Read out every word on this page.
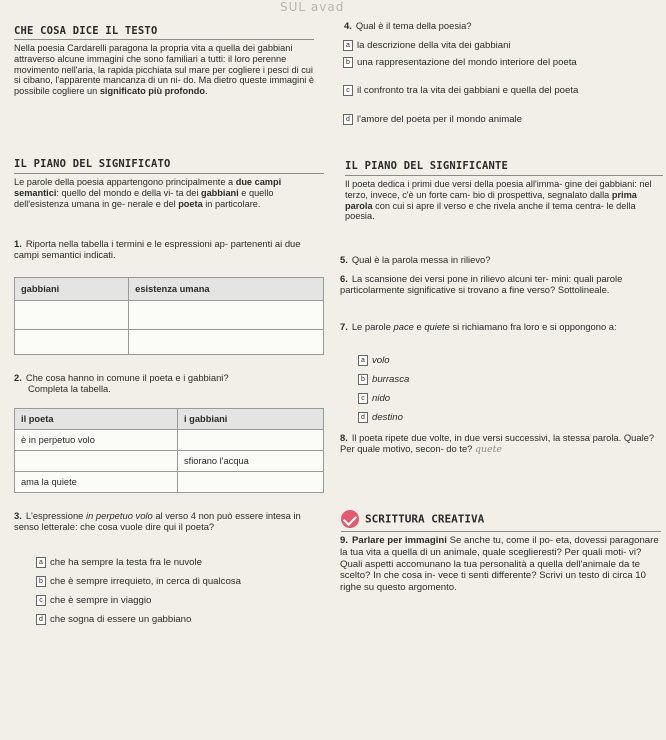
SUL avad
CHE COSA DICE IL TESTO
Nella poesia Cardarelli paragona la propria vita a quella dei gabbiani attraverso alcune immagini che sono familiari a tutti: il loro perenne movimento nell'aria, la rapida picchiata sul mare per cogliere i pesci di cui si cibano, l'apparente mancanza di un ni- do. Ma dietro queste immagini è possibile cogliere un significato più profondo.
IL PIANO DEL SIGNIFICATO
Le parole della poesia appartengono principalmente a due campi semantici: quello del mondo e della vi- ta dei gabbiani e quello dell'esistenza umana in ge- nerale e del poeta in particolare.
1. Riporta nella tabella i termini e le espressioni ap- partenenti ai due campi semantici indicati.
gabbiani	esistenza umana

2. Che cosa hanno in comune il poeta e i gabbiani?
Completa la tabella.
il poeta	i gabbiani
è in perpetuo volo	
	sfiorano l'acqua
ama la quiete	
3. L'espressione in perpetuo volo al verso 4 non può essere intesa in senso letterale: che cosa vuole dire qui il poeta?
a che ha sempre la testa fra le nuvole
b che è sempre irrequieto, in cerca di qualcosa
c che è sempre in viaggio
d che sogna di essere un gabbiano
4. Qual è il tema della poesia?
a la descrizione della vita dei gabbiani
b una rappresentazione del mondo interiore del poeta
c il confronto tra la vita dei gabbiani e quella del poeta
d l'amore del poeta per il mondo animale
IL PIANO DEL SIGNIFICANTE
Il poeta dedica i primi due versi della poesia all'imma- gine dei gabbiani: nel terzo, invece, c'è un forte cam- bio di prospettiva, segnalato dalla prima parola con cui si apre il verso e che rivela anche il tema centra- le della poesia.
5. Qual è la parola messa in rilievo?
6. La scansione dei versi pone in rilievo alcuni ter- mini: quali parole particolarmente significative si trovano a fine verso? Sottolineale.
7. Le parole pace e quiete si richiamano fra loro e si oppongono a:
a volo
b burrasca
c nido
d destino
8. Il poeta ripete due volte, in due versi successivi, la stessa parola. Quale? Per quale motivo, secon- do te? quete
SCRITTURA CREATIVA
9. Parlare per immagini Se anche tu, come il po- eta, dovessi paragonare la tua vita a quella di un animale, quale sceglieresti? Per quali moti- vi? Quali aspetti accomunano la tua personalità a quella dell'animale da te scelto? In che cosa in- vece ti senti differente? Scrivi un testo di circa 10 righe su questo argomento.
